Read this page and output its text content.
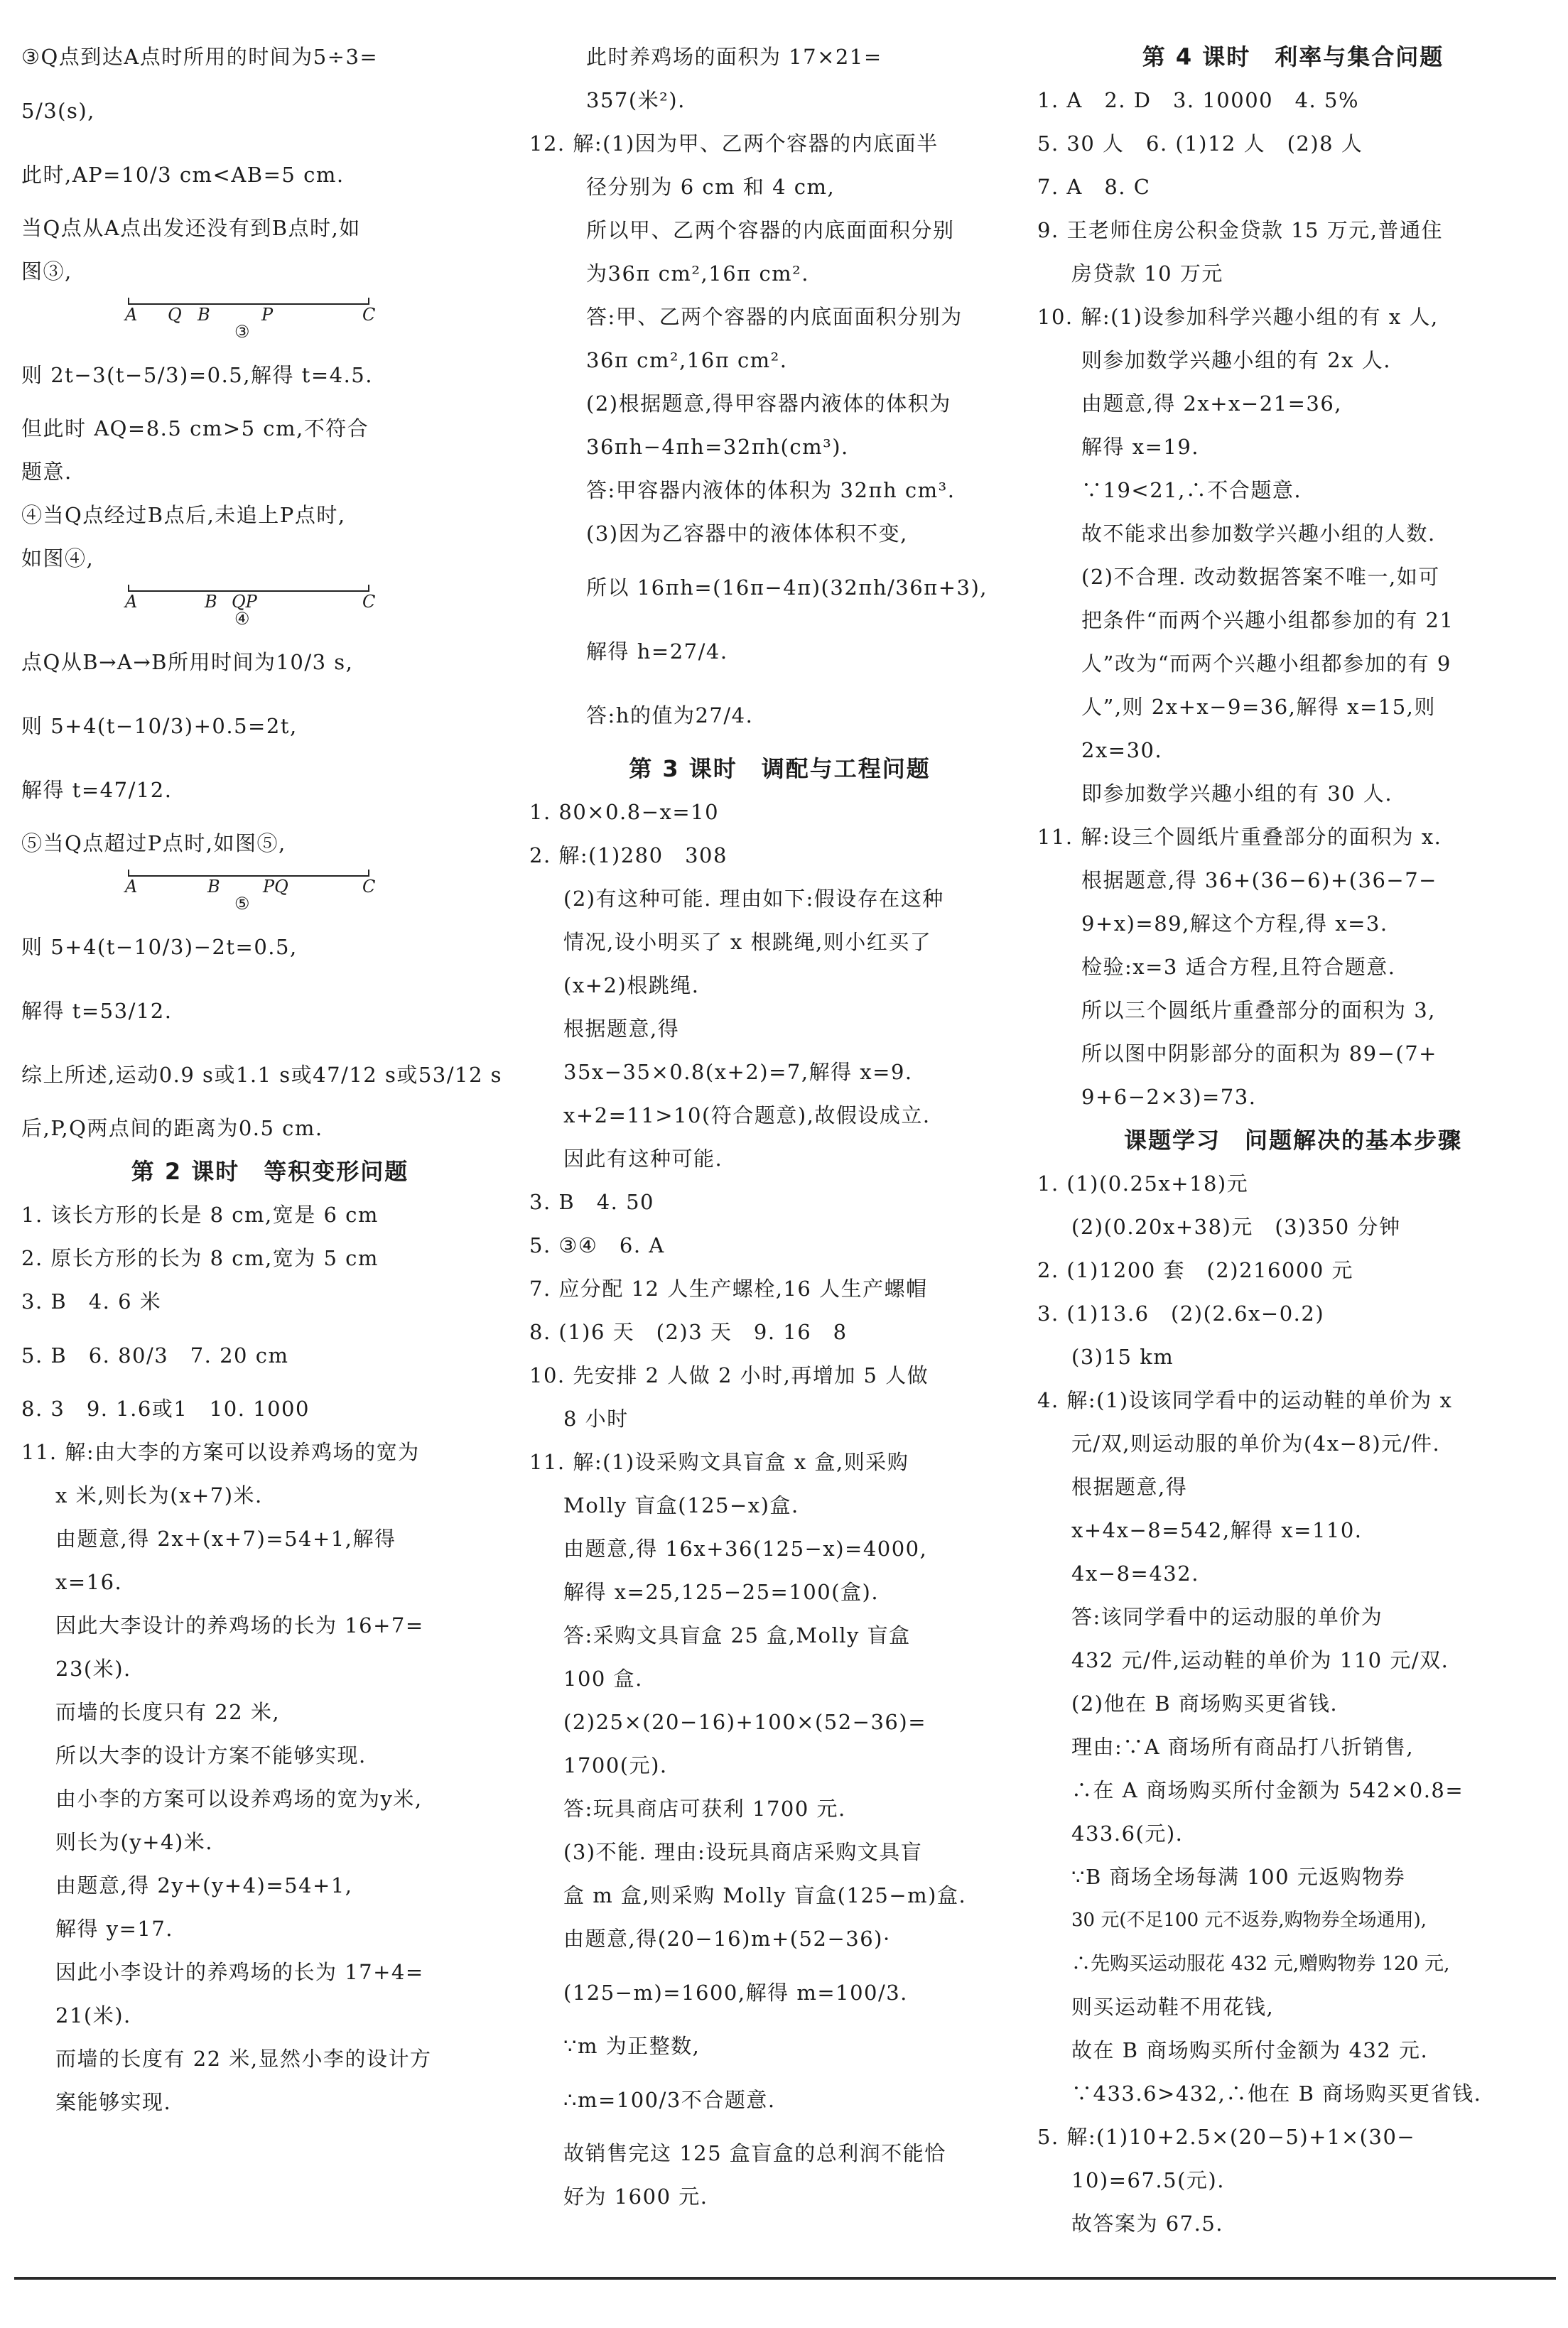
③Q点到达A点时所用的时间为5÷3=
5/3(s),
此时,AP=10/3 cm<AB=5 cm.
当Q点从A点出发还没有到B点时,如
图③,
A Q B	P	C
③
则 2t−3(t−5/3)=0.5,解得 t=4.5.
但此时 AQ=8.5 cm>5 cm,不符合
题意.
④当Q点经过B点后,未追上P点时,
如图④,
A	B QP	C
④
点Q从B→A→B所用时间为10/3 s,
则 5+4(t−10/3)+0.5=2t,
解得 t=47/12.
⑤当Q点超过P点时,如图⑤,
A	B	PQ	C
⑤
则 5+4(t−10/3)−2t=0.5,
解得 t=53/12.
综上所述,运动0.9 s或1.1 s或47/12 s或53/12 s
后,P,Q两点间的距离为0.5 cm.
第 2 课时　等积变形问题
1. 该长方形的长是 8 cm,宽是 6 cm
2. 原长方形的长为 8 cm,宽为 5 cm
3. B　4. 6 米
5. B　6. 80/3　7. 20 cm
8. 3　9. 1.6或1　10. 1000
11. 解:由大李的方案可以设养鸡场的宽为
x 米,则长为(x+7)米.
由题意,得 2x+(x+7)=54+1,解得
x=16.
因此大李设计的养鸡场的长为 16+7=
23(米).
而墙的长度只有 22 米,
所以大李的设计方案不能够实现.
由小李的方案可以设养鸡场的宽为y米,
则长为(y+4)米.
由题意,得 2y+(y+4)=54+1,
解得 y=17.
因此小李设计的养鸡场的长为 17+4=
21(米).
而墙的长度有 22 米,显然小李的设计方
案能够实现.
此时养鸡场的面积为 17×21=
357(米²).
12. 解:(1)因为甲、乙两个容器的内底面半
径分别为 6 cm 和 4 cm,
所以甲、乙两个容器的内底面面积分别
为36π cm²,16π cm².
答:甲、乙两个容器的内底面面积分别为
36π cm²,16π cm².
(2)根据题意,得甲容器内液体的体积为
36πh−4πh=32πh(cm³).
答:甲容器内液体的体积为 32πh cm³.
(3)因为乙容器中的液体体积不变,
所以 16πh=(16π−4π)(32πh/36π+3),
解得 h=27/4.
答:h的值为27/4.
第 3 课时　调配与工程问题
1. 80×0.8−x=10
2. 解:(1)280　308
(2)有这种可能. 理由如下:假设存在这种
情况,设小明买了 x 根跳绳,则小红买了
(x+2)根跳绳.
根据题意,得
35x−35×0.8(x+2)=7,解得 x=9.
x+2=11>10(符合题意),故假设成立.
因此有这种可能.
3. B　4. 50
5. ③④　6. A
7. 应分配 12 人生产螺栓,16 人生产螺帽
8. (1)6 天　(2)3 天　9. 16　8
10. 先安排 2 人做 2 小时,再增加 5 人做
8 小时
11. 解:(1)设采购文具盲盒 x 盒,则采购
Molly 盲盒(125−x)盒.
由题意,得 16x+36(125−x)=4000,
解得 x=25,125−25=100(盒).
答:采购文具盲盒 25 盒,Molly 盲盒
100 盒.
(2)25×(20−16)+100×(52−36)=
1700(元).
答:玩具商店可获利 1700 元.
(3)不能. 理由:设玩具商店采购文具盲
盒 m 盒,则采购 Molly 盲盒(125−m)盒.
由题意,得(20−16)m+(52−36)·
(125−m)=1600,解得 m=100/3.
∵m 为正整数,
∴m=100/3不合题意.
故销售完这 125 盒盲盒的总利润不能恰
好为 1600 元.
第 4 课时　利率与集合问题
1. A　2. D　3. 10000　4. 5%
5. 30 人　6. (1)12 人　(2)8 人
7. A　8. C
9. 王老师住房公积金贷款 15 万元,普通住
房贷款 10 万元
10. 解:(1)设参加科学兴趣小组的有 x 人,
则参加数学兴趣小组的有 2x 人.
由题意,得 2x+x−21=36,
解得 x=19.
∵19<21,∴不合题意.
故不能求出参加数学兴趣小组的人数.
(2)不合理. 改动数据答案不唯一,如可
把条件“而两个兴趣小组都参加的有 21
人”改为“而两个兴趣小组都参加的有 9
人”,则 2x+x−9=36,解得 x=15,则
2x=30.
即参加数学兴趣小组的有 30 人.
11. 解:设三个圆纸片重叠部分的面积为 x.
根据题意,得 36+(36−6)+(36−7−
9+x)=89,解这个方程,得 x=3.
检验:x=3 适合方程,且符合题意.
所以三个圆纸片重叠部分的面积为 3,
所以图中阴影部分的面积为 89−(7+
9+6−2×3)=73.
课题学习　问题解决的基本步骤
1. (1)(0.25x+18)元
(2)(0.20x+38)元　(3)350 分钟
2. (1)1200 套　(2)216000 元
3. (1)13.6　(2)(2.6x−0.2)
(3)15 km
4. 解:(1)设该同学看中的运动鞋的单价为 x
元/双,则运动服的单价为(4x−8)元/件.
根据题意,得
x+4x−8=542,解得 x=110.
4x−8=432.
答:该同学看中的运动服的单价为
432 元/件,运动鞋的单价为 110 元/双.
(2)他在 B 商场购买更省钱.
理由:∵A 商场所有商品打八折销售,
∴在 A 商场购买所付金额为 542×0.8=
433.6(元).
∵B 商场全场每满 100 元返购物券
30 元(不足100 元不返券,购物券全场通用),
∴先购买运动服花 432 元,赠购物券 120 元,
则买运动鞋不用花钱,
故在 B 商场购买所付金额为 432 元.
∵433.6>432,∴他在 B 商场购买更省钱.
5. 解:(1)10+2.5×(20−5)+1×(30−
10)=67.5(元).
故答案为 67.5.
